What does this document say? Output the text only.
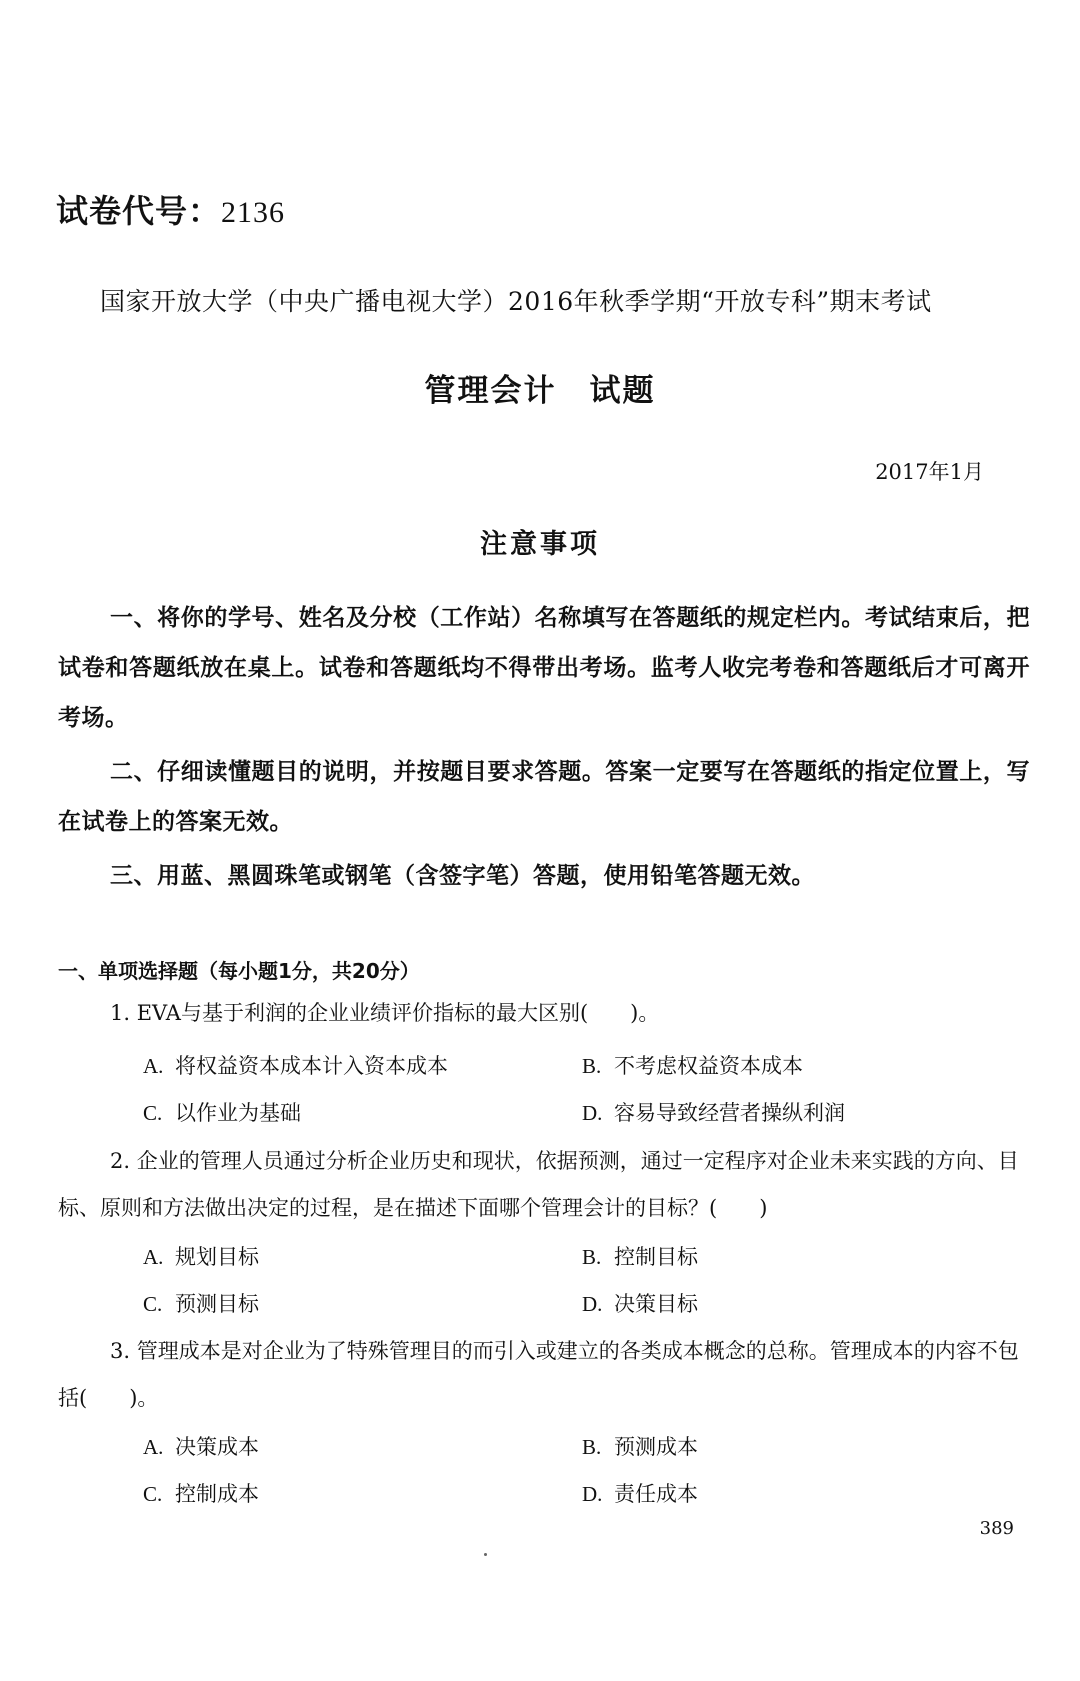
试卷代号：2136
国家开放大学（中央广播电视大学）2016年秋季学期“开放专科”期末考试
管理会计　试题
2017年1月
注意事项

一、将你的学号、姓名及分校（工作站）名称填写在答题纸的规定栏内。考试结束后，把试卷和答题纸放在桌上。试卷和答题纸均不得带出考场。监考人收完考卷和答题纸后才可离开考场。

二、仔细读懂题目的说明，并按题目要求答题。答案一定要写在答题纸的指定位置上，写在试卷上的答案无效。

三、用蓝、黑圆珠笔或钢笔（含签字笔）答题，使用铅笔答题无效。

一、单项选择题（每小题1分，共20分）

1. EVA与基于利润的企业业绩评价指标的最大区别(　　)。

A. 将权益资本成本计入资本成本	B. 不考虑权益资本成本
C. 以作业为基础	D. 容易导致经营者操纵利润

2. 企业的管理人员通过分析企业历史和现状，依据预测，通过一定程序对企业未来实践的方向、目标、原则和方法做出决定的过程，是在描述下面哪个管理会计的目标？(　　)

A. 规划目标	B. 控制目标
C. 预测目标	D. 决策目标

3. 管理成本是对企业为了特殊管理目的而引入或建立的各类成本概念的总称。管理成本的内容不包括(　　)。

A. 决策成本	B. 预测成本
C. 控制成本	D. 责任成本
389
